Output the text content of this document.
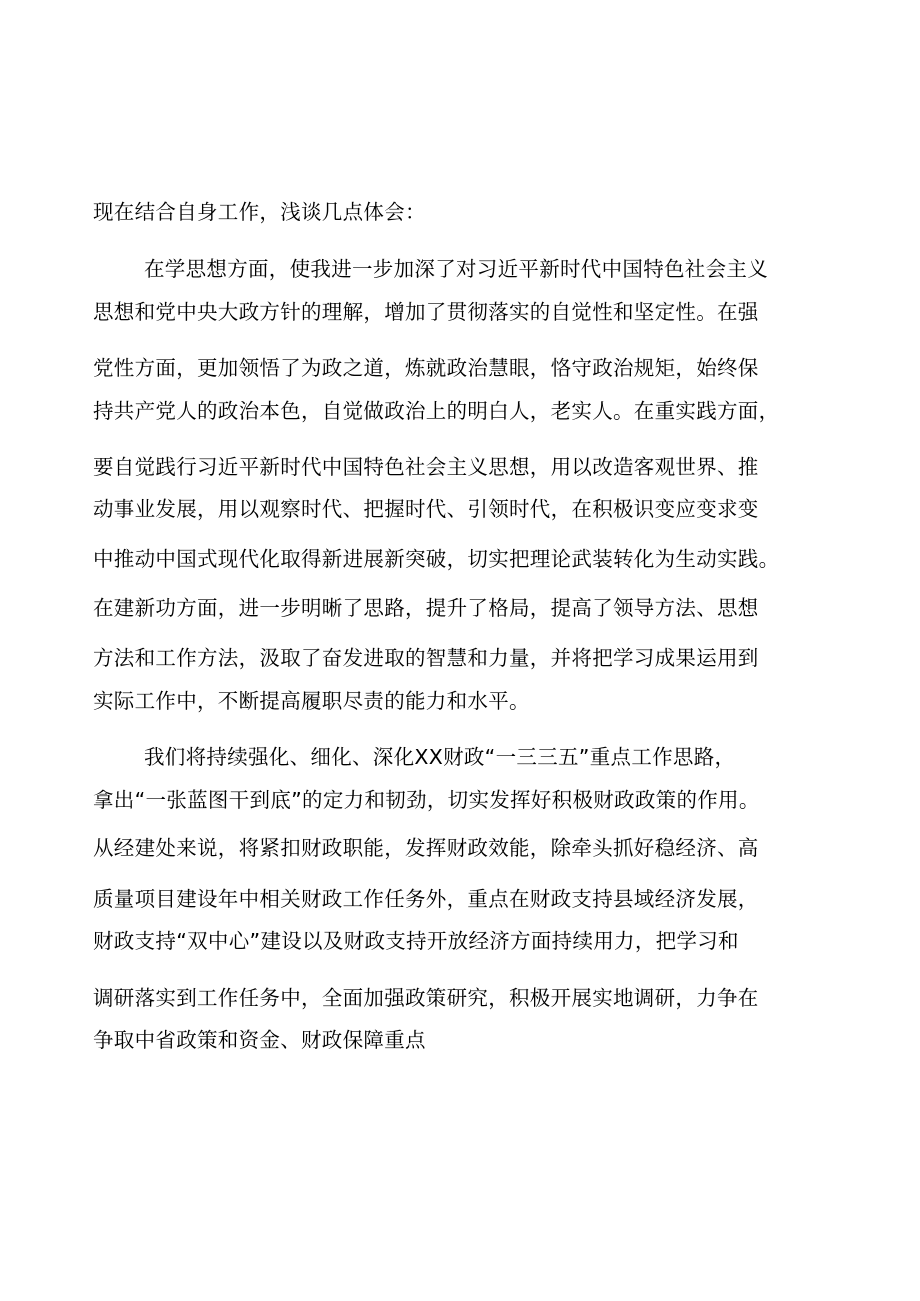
现在结合自身工作，浅谈几点体会：
在学思想方面，使我进一步加深了对习近平新时代中国特色社会主义
思想和党中央大政方针的理解，增加了贯彻落实的自觉性和坚定性。在强
党性方面，更加领悟了为政之道，炼就政治慧眼，恪守政治规矩，始终保
持共产党人的政治本色，自觉做政治上的明白人，老实人。在重实践方面，
要自觉践行习近平新时代中国特色社会主义思想，用以改造客观世界、推
动事业发展，用以观察时代、把握时代、引领时代，在积极识变应变求变
中推动中国式现代化取得新进展新突破，切实把理论武装转化为生动实践。
在建新功方面，进一步明晰了思路，提升了格局，提高了领导方法、思想
方法和工作方法，汲取了奋发进取的智慧和力量，并将把学习成果运用到
实际工作中，不断提高履职尽责的能力和水平。
我们将持续强化、细化、深化XX财政“一三三五”重点工作思路，
拿出“一张蓝图干到底”的定力和韧劲，切实发挥好积极财政政策的作用。
从经建处来说，将紧扣财政职能，发挥财政效能，除牵头抓好稳经济、高
质量项目建设年中相关财政工作任务外，重点在财政支持县域经济发展，
财政支持“双中心”建设以及财政支持开放经济方面持续用力，把学习和
调研落实到工作任务中，全面加强政策研究，积极开展实地调研，力争在
争取中省政策和资金、财政保障重点
